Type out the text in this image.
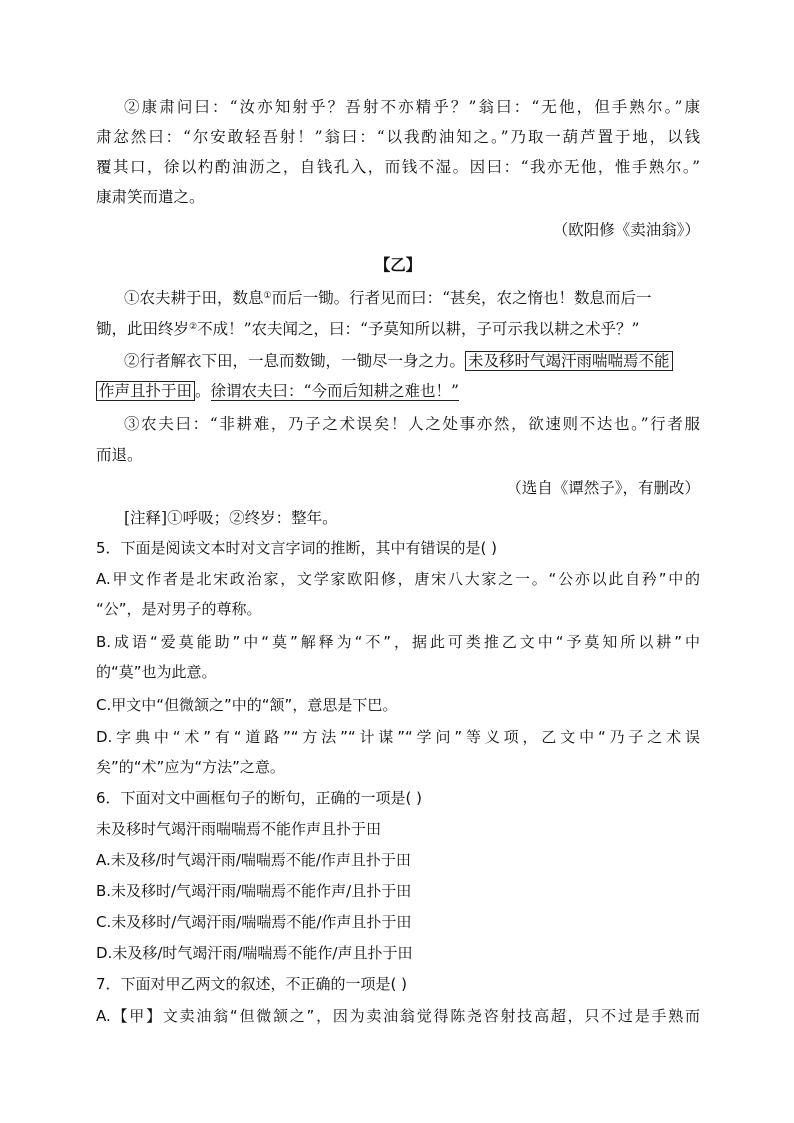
②康肃问曰：“汝亦知射乎？吾射不亦精乎？”翁曰：“无他，但手熟尔。”康
肃忿然曰：“尔安敢轻吾射！”翁曰：“以我酌油知之。”乃取一葫芦置于地，以钱
覆其口，徐以杓酌油沥之，自钱孔入，而钱不湿。因曰：“我亦无他，惟手熟尔。”
康肃笑而遣之。
（欧阳修《卖油翁》）
【乙】
①农夫耕于田，数息①而后一锄。行者见而曰：“甚矣，农之惰也！数息而后一
锄，此田终岁②不成！”农夫闻之，曰：“予莫知所以耕，子可示我以耕之术乎？”
②行者解衣下田，一息而数锄，一锄尽一身之力。 未及移时气竭汗雨喘喘焉不能
作声且扑于田 。徐谓农夫曰：“今而后知耕之难也！”
③农夫曰：“非耕难，乃子之术误矣！人之处事亦然，欲速则不达也。”行者服
而退。
（选自《谭然子》，有删改）
[注释]①呼吸；②终岁：整年。
5．下面是阅读文本时对文言字词的推断，其中有错误的是( )
A.甲文作者是北宋政治家，文学家欧阳修，唐宋八大家之一。“公亦以此自矜”中的
“公”，是对男子的尊称。
B.成语“爱莫能助”中“莫”解释为“不”，据此可类推乙文中“予莫知所以耕”中
的“莫”也为此意。
C.甲文中“但微颔之”中的“颔”，意思是下巴。
D.字典中“术”有“道路”“方法”“计谋”“学问”等义项，乙文中“乃子之术误
矣”的“术”应为“方法”之意。
6．下面对文中画框句子的断句，正确的一项是( )
未及移时气竭汗雨喘喘焉不能作声且扑于田
A.未及移/时气竭汗雨/喘喘焉不能/作声且扑于田
B.未及移时/气竭汗雨/喘喘焉不能作声/且扑于田
C.未及移时/气竭汗雨/喘喘焉不能/作声且扑于田
D.未及移/时气竭汗雨/喘喘焉不能作/声且扑于田
7．下面对甲乙两文的叙述，不正确的一项是( )
A.【甲】文卖油翁“但微颔之”，因为卖油翁觉得陈尧咨射技高超，只不过是手熟而
